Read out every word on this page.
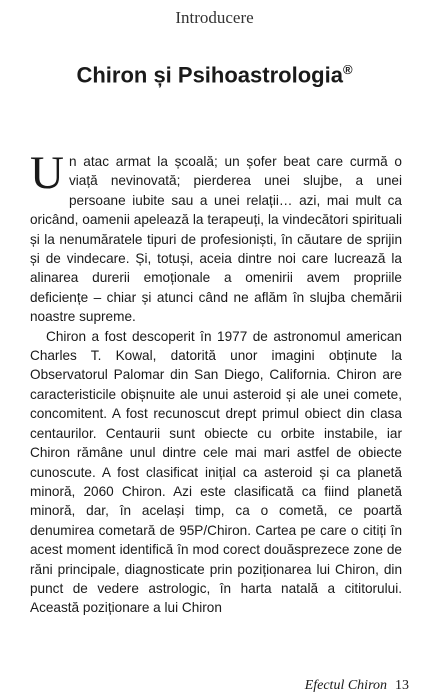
Introducere
Chiron și Psihoastrologia®

Un atac armat la școală; un șofer beat care curmă o viață nevinovată; pierderea unei slujbe, a unei persoane iubite sau a unei relații… azi, mai mult ca oricând, oamenii apelează la terapeuți, la vindecători spirituali și la nenumăratele tipuri de profesioniști, în căutare de sprijin și de vindecare. Și, totuși, aceia dintre noi care lucrează la alinarea durerii emoționale a omenirii avem propriile deficiențe – chiar și atunci când ne aflăm în slujba chemării noastre supreme.

Chiron a fost descoperit în 1977 de astronomul american Charles T. Kowal, datorită unor imagini obținute la Observatorul Palomar din San Diego, California. Chiron are caracteristicile obișnuite ale unui asteroid și ale unei comete, concomitent. A fost recunoscut drept primul obiect din clasa centaurilor. Centaurii sunt obiecte cu orbite instabile, iar Chiron rămâne unul dintre cele mai mari astfel de obiecte cunoscute. A fost clasificat inițial ca asteroid și ca planetă minoră, 2060 Chiron. Azi este clasificată ca fiind planetă minoră, dar, în același timp, ca o cometă, ce poartă denumirea cometară de 95P/Chiron. Cartea pe care o citiți în acest moment identifică în mod corect douăsprezece zone de răni principale, diagnosticate prin poziționarea lui Chiron, din punct de vedere astrologic, în harta natală a cititorului. Această poziționare a lui Chiron

Efectul Chiron 13
